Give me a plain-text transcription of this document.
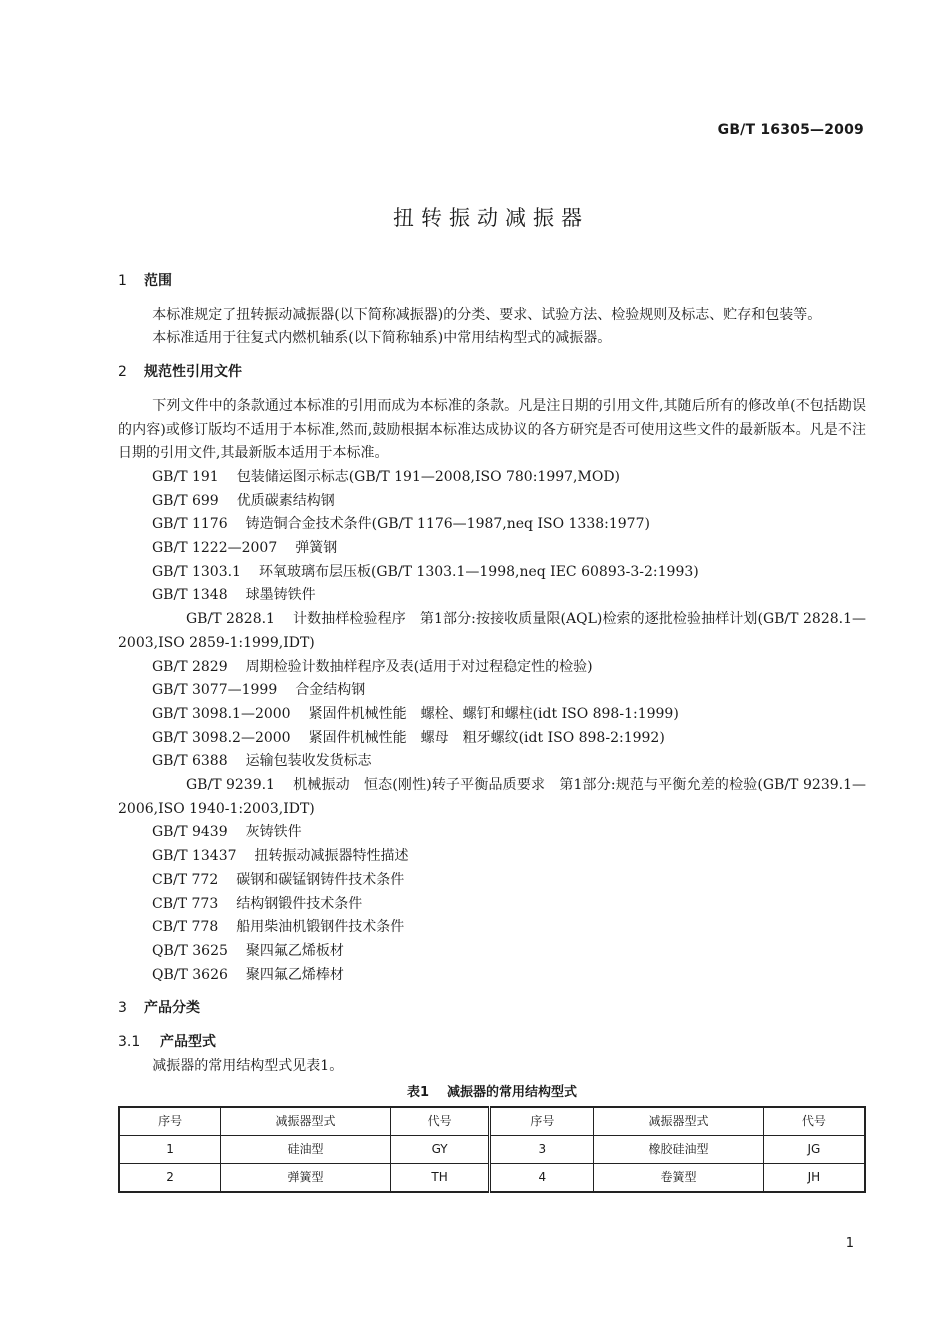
GB/T 16305—2009
扭转振动减振器
1 范围

本标准规定了扭转振动减振器(以下简称减振器)的分类、要求、试验方法、检验规则及标志、贮存和包装等。

本标准适用于往复式内燃机轴系(以下简称轴系)中常用结构型式的减振器。

2 规范性引用文件

下列文件中的条款通过本标准的引用而成为本标准的条款。凡是注日期的引用文件,其随后所有的修改单(不包括勘误的内容)或修订版均不适用于本标准,然而,鼓励根据本标准达成协议的各方研究是否可使用这些文件的最新版本。凡是不注日期的引用文件,其最新版本适用于本标准。

GB/T 191 包装储运图示标志(GB/T 191—2008,ISO 780:1997,MOD)

GB/T 699 优质碳素结构钢

GB/T 1176 铸造铜合金技术条件(GB/T 1176—1987,neq ISO 1338:1977)

GB/T 1222—2007 弹簧钢

GB/T 1303.1 环氧玻璃布层压板(GB/T 1303.1—1998,neq IEC 60893-3-2:1993)

GB/T 1348 球墨铸铁件

GB/T 2828.1 计数抽样检验程序　第1部分:按接收质量限(AQL)检索的逐批检验抽样计划(GB/T 2828.1—2003,ISO 2859-1:1999,IDT)

GB/T 2829 周期检验计数抽样程序及表(适用于对过程稳定性的检验)

GB/T 3077—1999 合金结构钢

GB/T 3098.1—2000 紧固件机械性能　螺栓、螺钉和螺柱(idt ISO 898-1:1999)

GB/T 3098.2—2000 紧固件机械性能　螺母　粗牙螺纹(idt ISO 898-2:1992)

GB/T 6388 运输包装收发货标志

GB/T 9239.1 机械振动　恒态(刚性)转子平衡品质要求　第1部分:规范与平衡允差的检验(GB/T 9239.1—2006,ISO 1940-1:2003,IDT)

GB/T 9439 灰铸铁件

GB/T 13437 扭转振动减振器特性描述

CB/T 772 碳钢和碳锰钢铸件技术条件

CB/T 773 结构钢锻件技术条件

CB/T 778 船用柴油机锻钢件技术条件

QB/T 3625 聚四氟乙烯板材

QB/T 3626 聚四氟乙烯棒材

3 产品分类
3.1 产品型式

减振器的常用结构型式见表1。

表1 减振器的常用结构型式
序号	减振器型式	代号	序号	减振器型式	代号
1	硅油型	GY	3	橡胶硅油型	JG
2	弹簧型	TH	4	卷簧型	JH
1
